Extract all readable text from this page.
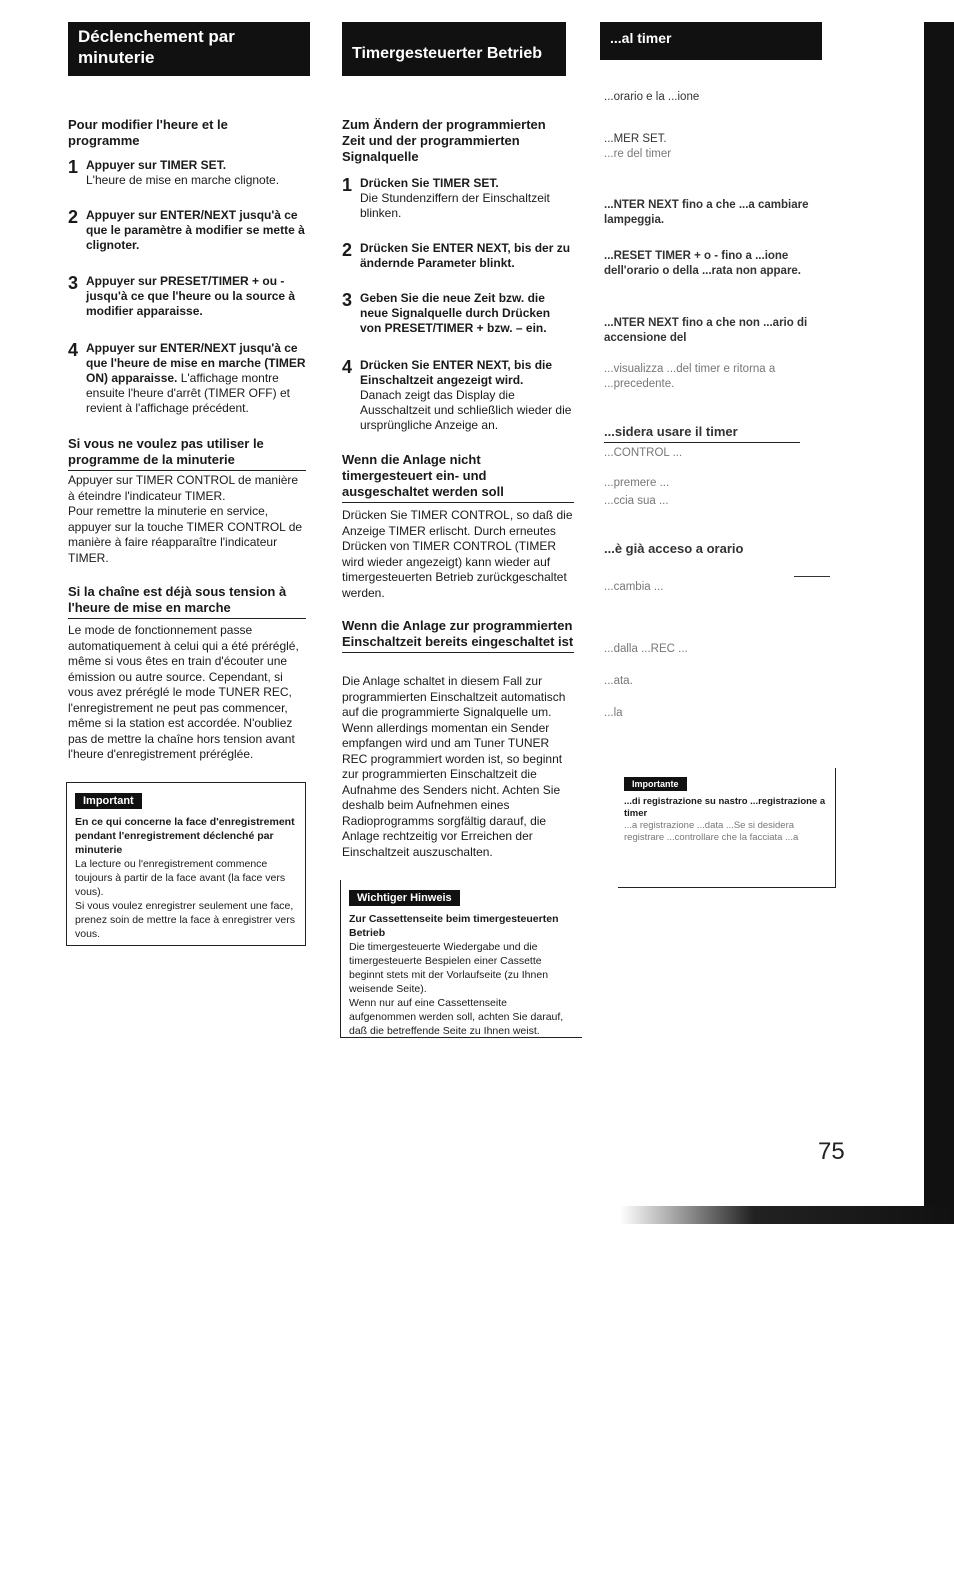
Déclenchement par minuterie
Pour modifier l'heure et le programme
1 Appuyer sur TIMER SET.
L'heure de mise en marche clignote.
2 Appuyer sur ENTER/NEXT jusqu'à ce que le paramètre à modifier se mette à clignoter.
3 Appuyer sur PRESET/TIMER + ou - jusqu'à ce que l'heure ou la source à modifier apparaisse.
4 Appuyer sur ENTER/NEXT jusqu'à ce que l'heure de mise en marche (TIMER ON) apparaisse. L'affichage montre ensuite l'heure d'arrêt (TIMER OFF) et revient à l'affichage précédent.
Si vous ne voulez pas utiliser le programme de la minuterie
Appuyer sur TIMER CONTROL de manière à éteindre l'indicateur TIMER.
Pour remettre la minuterie en service, appuyer sur la touche TIMER CONTROL de manière à faire réapparaître l'indicateur TIMER.
Si la chaîne est déjà sous tension à l'heure de mise en marche
Le mode de fonctionnement passe automatiquement à celui qui a été préréglé, même si vous êtes en train d'écouter une émission ou autre source. Cependant, si vous avez préréglé le mode TUNER REC, l'enregistrement ne peut pas commencer, même si la station est accordée. N'oubliez pas de mettre la chaîne hors tension avant l'heure d'enregistrement préréglée.
Important
En ce qui concerne la face d'enregistrement pendant l'enregistrement déclenché par minuterie
La lecture ou l'enregistrement commence toujours à partir de la face avant (la face vers vous).
Si vous voulez enregistrer seulement une face, prenez soin de mettre la face à enregistrer vers vous.
Timergesteuerter Betrieb
Zum Ändern der programmierten Zeit und der programmierten Signalquelle
1 Drücken Sie TIMER SET.
Die Stundenziffern der Einschaltzeit blinken.
2 Drücken Sie ENTER NEXT, bis der zu ändernde Parameter blinkt.
3 Geben Sie die neue Zeit bzw. die neue Signalquelle durch Drücken von PRESET/TIMER + bzw. – ein.
4 Drücken Sie ENTER NEXT, bis die Einschaltzeit angezeigt wird.
Danach zeigt das Display die Ausschaltzeit und schließlich wieder die ursprüngliche Anzeige an.
Wenn die Anlage nicht timergesteuert ein- und ausgeschaltet werden soll
Drücken Sie TIMER CONTROL, so daß die Anzeige TIMER erlischt. Durch erneutes Drücken von TIMER CONTROL (TIMER wird wieder angezeigt) kann wieder auf timergesteuerten Betrieb zurückgeschaltet werden.
Wenn die Anlage zur programmierten Einschaltzeit bereits eingeschaltet ist
Die Anlage schaltet in diesem Fall zur programmierten Einschaltzeit automatisch auf die programmierte Signalquelle um. Wenn allerdings momentan ein Sender empfangen wird und am Tuner TUNER REC programmiert worden ist, so beginnt zur programmierten Einschaltzeit die Aufnahme des Senders nicht. Achten Sie deshalb beim Aufnehmen eines Radioprogramms sorgfältig darauf, die Anlage rechtzeitig vor Erreichen der Einschaltzeit auszuschalten.
Wichtiger Hinweis
Zur Cassettenseite beim timergesteuerten Betrieb
Die timergesteuerte Wiedergabe und die timergesteuerte Bespielen einer Cassette beginnt stets mit der Vorlaufseite (zu Ihnen weisende Seite).
Wenn nur auf eine Cassettenseite aufgenommen werden soll, achten Sie darauf, daß die betreffende Seite zu Ihnen weist.
...al timer
...orario e la ...ione
...MER SET.
...re del timer
...NTER NEXT fino a che ...a cambiare lampeggia.
...RESET TIMER + o - fino a ...ione dell'orario o della ...rata non appare.
...NTER NEXT fino a che non ...ario di accensione del
...visualizza ...del timer e ritorna a ...precedente.
...sidera usare il timer
...CONTROL ...
...premere ...
...ccia sua ...
...è già acceso a orario
...cambia ...
...dalla ...REC ...
...ata.
...la
Importante
...di registrazione su nastro ...registrazione a timer
...a registrazione ...data ...Se si desidera registrare ...controllare che la facciata ...a
75
